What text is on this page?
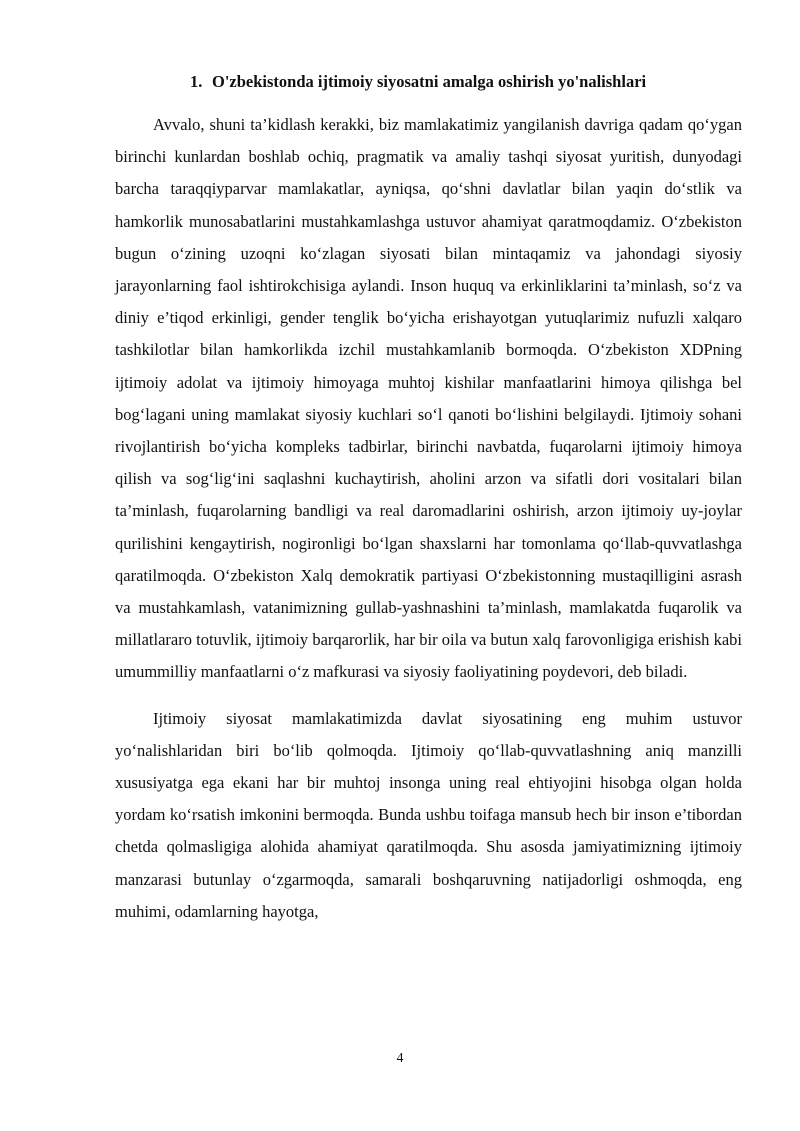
1. O'zbekistonda ijtimoiy siyosatni amalga oshirish yo'nalishlari

Avvalo, shuni ta’kidlash kerakki, biz mamlakatimiz yangilanish davriga qadam qo‘ygan birinchi kunlardan boshlab ochiq, pragmatik va amaliy tashqi siyosat yuritish, dunyodagi barcha taraqqiyparvar mamlakatlar, ayniqsa, qo‘shni davlatlar bilan yaqin do‘stlik va hamkorlik munosabatlarini mustahkamlashga ustuvor ahamiyat qaratmoqdamiz. O‘zbekiston bugun o‘zining uzoqni ko‘zlagan siyosati bilan mintaqamiz va jahondagi siyosiy jarayonlarning faol ishtirokchisiga aylandi. Inson huquq va erkinliklarini ta’minlash, so‘z va diniy e’tiqod erkinligi, gender tenglik bo‘yicha erishayotgan yutuqlarimiz nufuzli xalqaro tashkilotlar bilan hamkorlikda izchil mustahkamlanib bormoqda. O‘zbekiston XDPning ijtimoiy adolat va ijtimoiy himoyaga muhtoj kishilar manfaatlarini himoya qilishga bel bog‘lagani uning mamlakat siyosiy kuchlari so‘l qanoti bo‘lishini belgilaydi. Ijtimoiy sohani rivojlantirish bo‘yicha kompleks tadbirlar, birinchi navbatda, fuqarolarni ijtimoiy himoya qilish va sog‘lig‘ini saqlashni kuchaytirish, aholini arzon va sifatli dori vositalari bilan ta’minlash, fuqarolarning bandligi va real daromadlarini oshirish, arzon ijtimoiy uy-joylar qurilishini kengaytirish, nogironligi bo‘lgan shaxslarni har tomonlama qo‘llab-quvvatlashga qaratilmoqda. O‘zbekiston Xalq demokratik partiyasi O‘zbekistonning mustaqilligini asrash va mustahkamlash, vatanimizning gullab-yashnashini ta’minlash, mamlakatda fuqarolik va millatlararo totuvlik, ijtimoiy barqarorlik, har bir oila va butun xalq farovonligiga erishish kabi umummilliy manfaatlarni o‘z mafkurasi va siyosiy faoliyatining poydevori, deb biladi.

Ijtimoiy siyosat mamlakatimizda davlat siyosatining eng muhim ustuvor yo‘nalishlaridan biri bo‘lib qolmoqda. Ijtimoiy qo‘llab-quvvatlashning aniq manzilli xususiyatga ega ekani har bir muhtoj insonga uning real ehtiyojini hisobga olgan holda yordam ko‘rsatish imkonini bermoqda. Bunda ushbu toifaga mansub hech bir inson e’tibordan chetda qolmasligiga alohida ahamiyat qaratilmoqda. Shu asosda jamiyatimizning ijtimoiy manzarasi butunlay o‘zgarmoqda, samarali boshqaruvning natijadorligi oshmoqda, eng muhimi, odamlarning hayotga,

4
